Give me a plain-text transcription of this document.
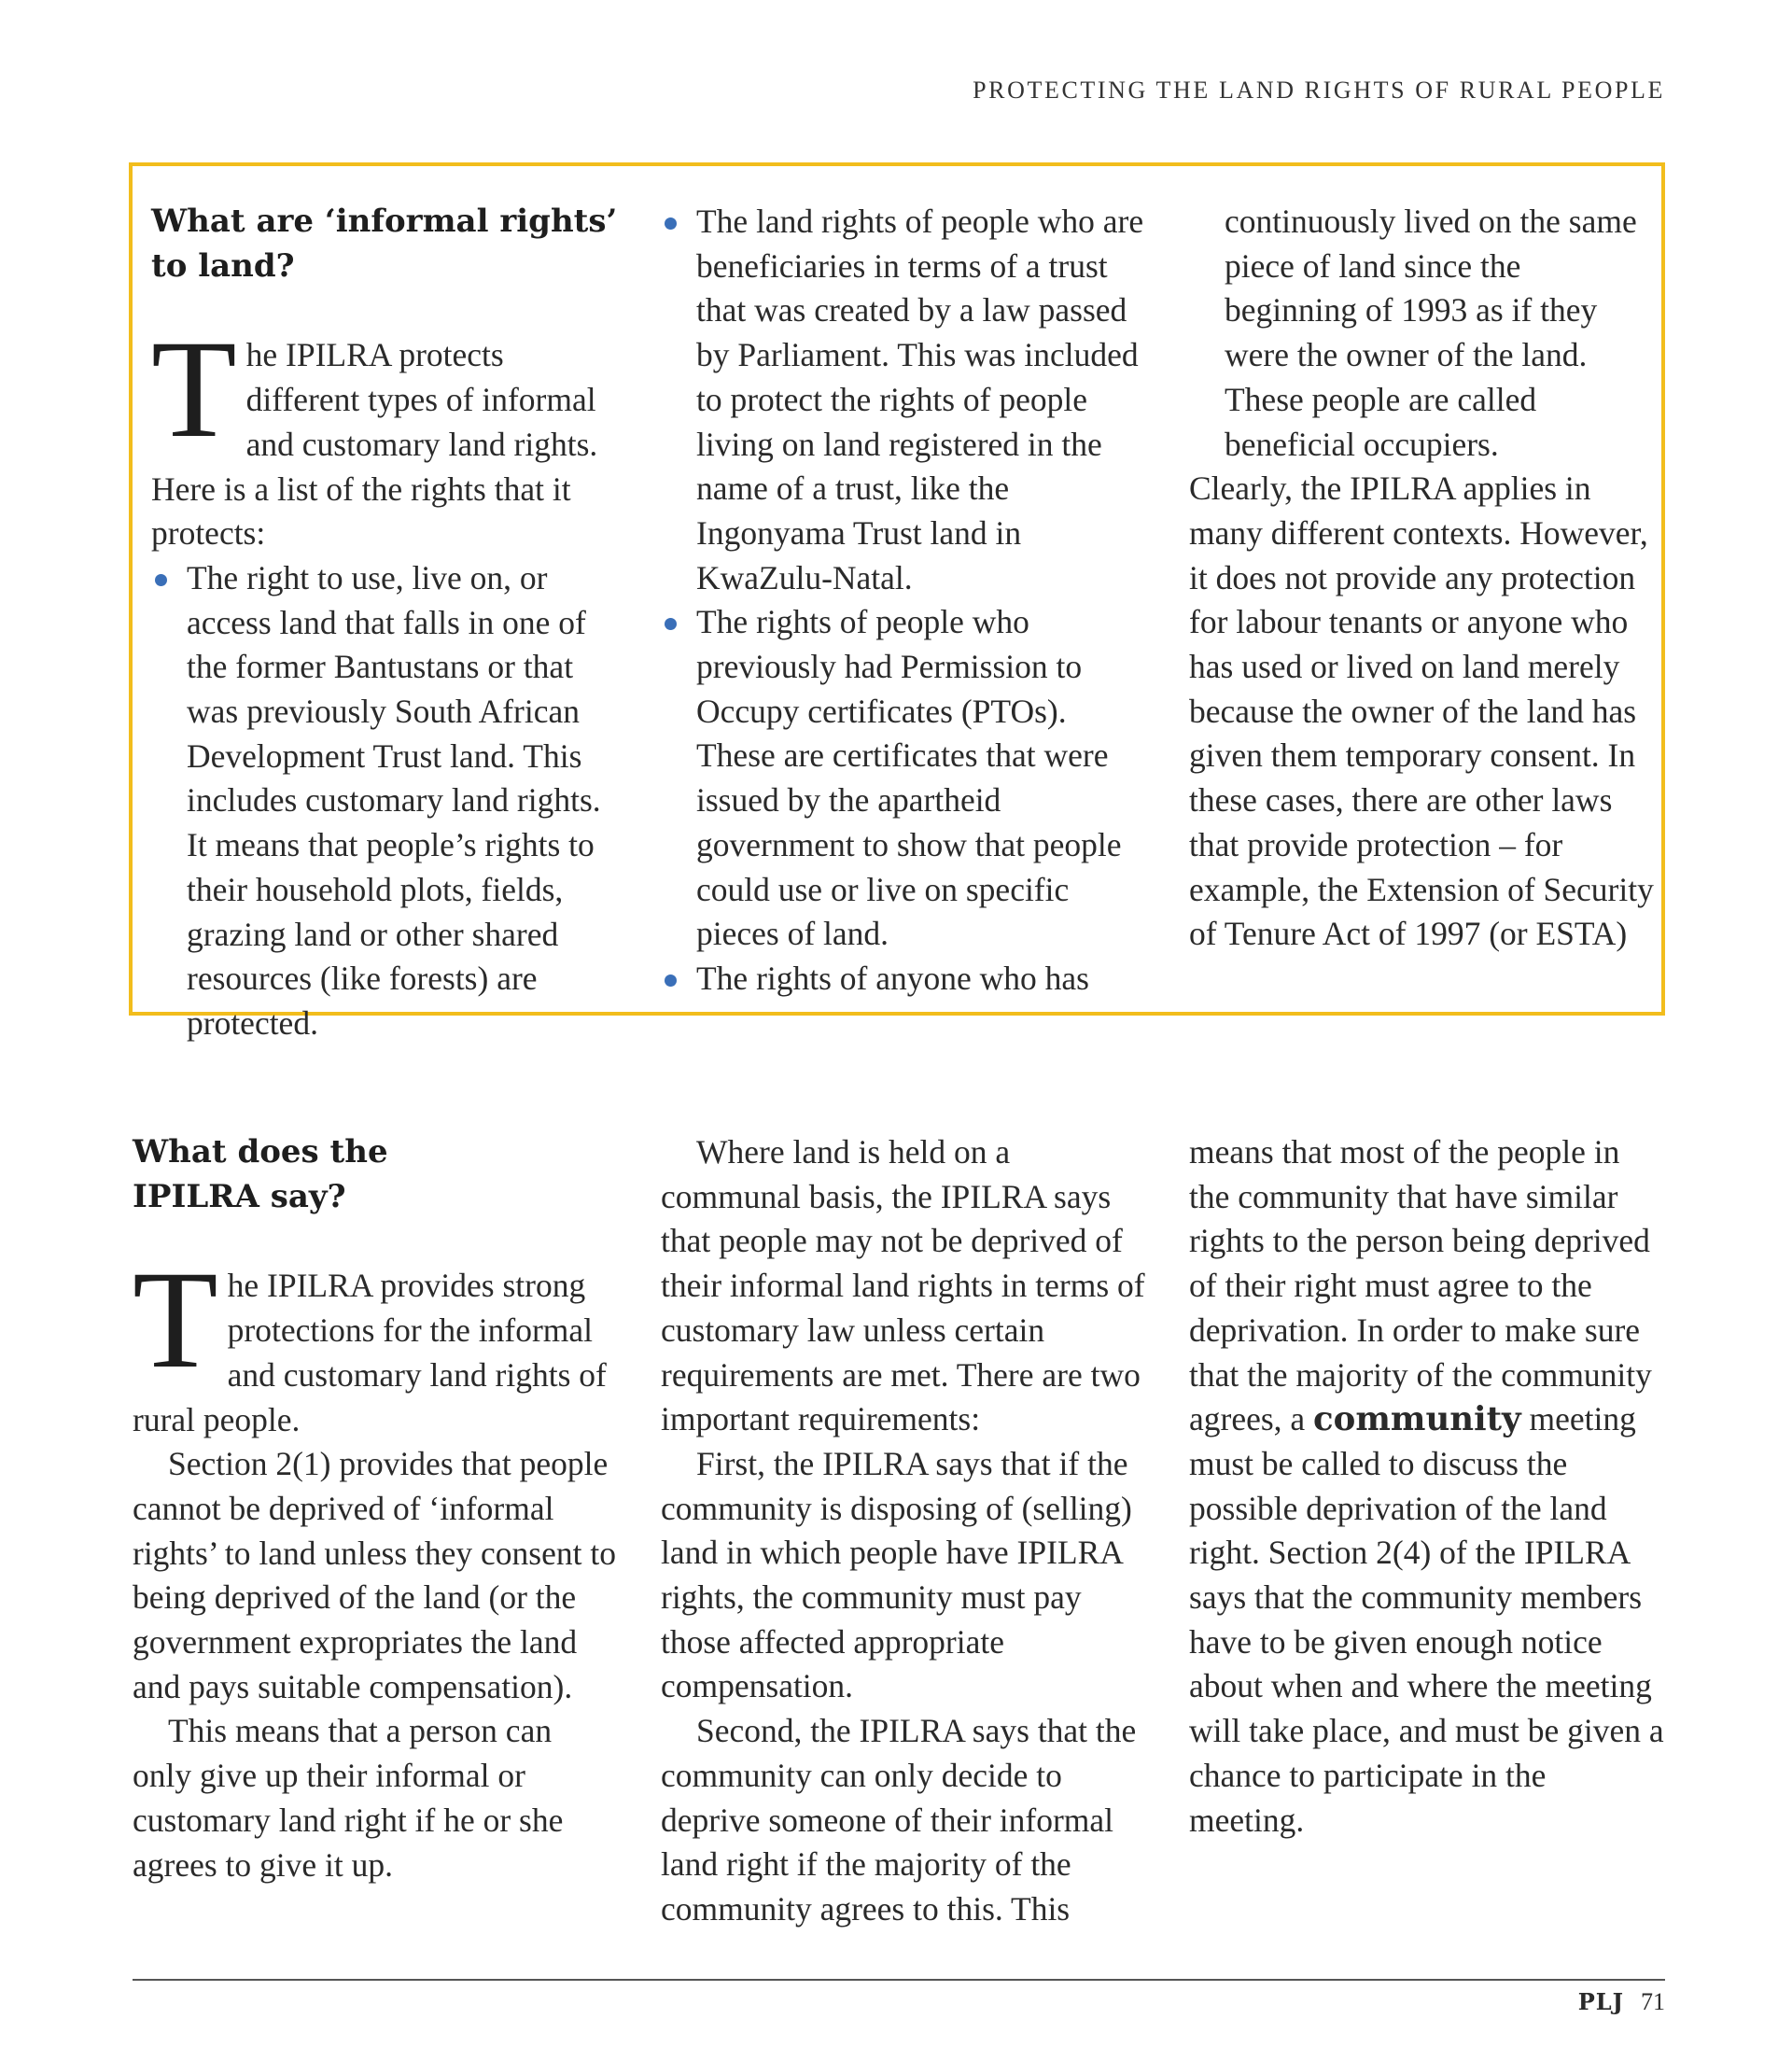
PROTECTING THE LAND RIGHTS OF RURAL PEOPLE

What are ‘informal rights’
to land?

The IPILRA protects different types of informal and customary land rights. Here is a list of the rights that it protects:

The right to use, live on, or access land that falls in one of the former Bantustans or that was previously South African Development Trust land. This includes customary land rights. It means that people’s rights to their household plots, fields, grazing land or other shared resources (like forests) are protected.
The land rights of people who are beneficiaries in terms of a trust that was created by a law passed by Parliament. This was included to protect the rights of people living on land registered in the name of a trust, like the Ingonyama Trust land in KwaZulu-Natal.
The rights of people who previously had Permission to Occupy certificates (PTOs). These are certificates that were issued by the apartheid government to show that people could use or live on specific pieces of land.
The rights of anyone who has

continuously lived on the same piece of land since the beginning of 1993 as if they were the owner of the land. These people are called beneficial occupiers.

Clearly, the IPILRA applies in many different contexts. However, it does not provide any protection for labour tenants or anyone who has used or lived on land merely because the owner of the land has given them temporary consent. In these cases, there are other laws that provide protection – for example, the Extension of Security of Tenure Act of 1997 (or ESTA)

What does the
IPILRA say?

The IPILRA provides strong protections for the informal and customary land rights of rural people.

Section 2(1) provides that people cannot be deprived of ‘informal rights’ to land unless they consent to being deprived of the land (or the government expropriates the land and pays suitable compensation).

This means that a person can only give up their informal or customary land right if he or she agrees to give it up.

Where land is held on a communal basis, the IPILRA says that people may not be deprived of their informal land rights in terms of customary law unless certain requirements are met. There are two important requirements:

First, the IPILRA says that if the community is disposing of (selling) land in which people have IPILRA rights, the community must pay those affected appropriate compensation.

Second, the IPILRA says that the community can only decide to deprive someone of their informal land right if the majority of the community agrees to this. This

means that most of the people in the community that have similar rights to the person being deprived of their right must agree to the deprivation. In order to make sure that the majority of the community agrees, a community meeting must be called to discuss the possible deprivation of the land right. Section 2(4) of the IPILRA says that the community members have to be given enough notice about when and where the meeting will take place, and must be given a chance to participate in the meeting.

PLJ 71
